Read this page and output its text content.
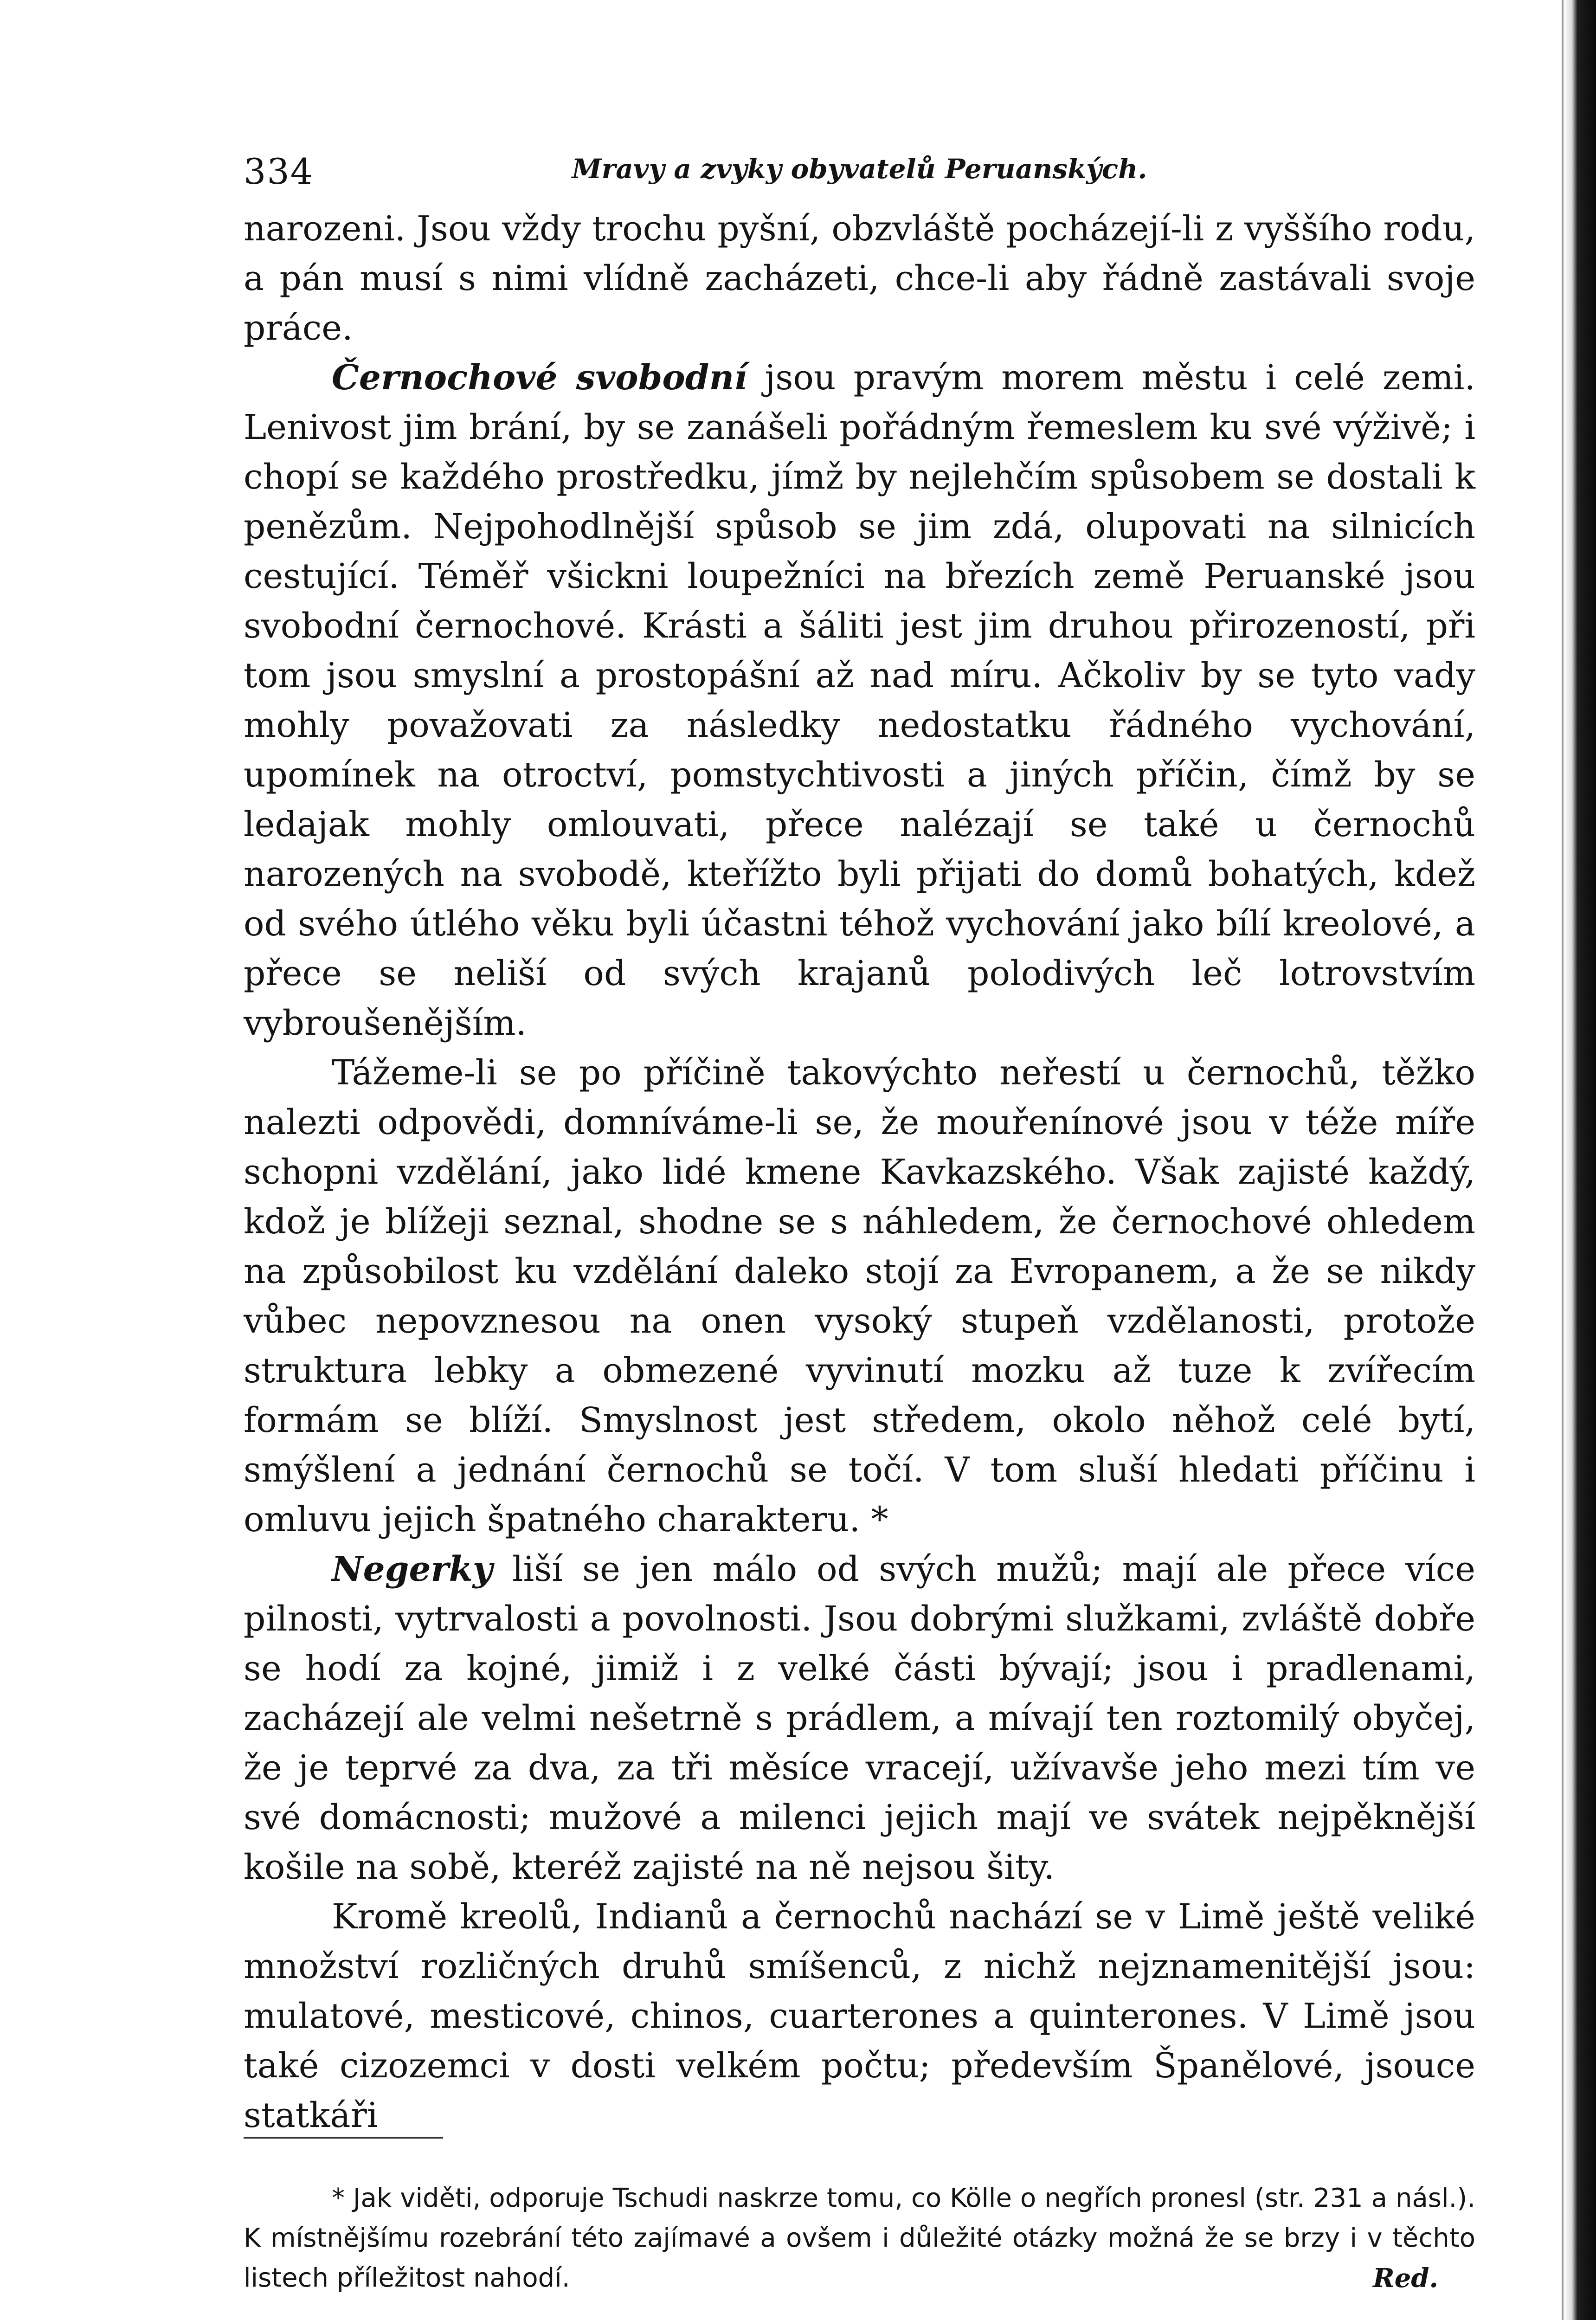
334	Mravy a zvyky obyvatelů Peruanských.

narozeni. Jsou vždy trochu pyšní, obzvláště pocházejí-li z vyššího rodu, a pán musí s nimi vlídně zacházeti, chce-li aby řádně zastávali svoje práce.

Černochové svobodní jsou pravým morem městu i celé zemi. Lenivost jim brání, by se zanášeli pořádným řemeslem ku své výživě; i chopí se každého prostředku, jímž by nejlehčím spůsobem se dostali k penězům. Nejpohodlnější spůsob se jim zdá, olupovati na silnicích cestující. Téměř všickni loupežníci na březích země Peruanské jsou svobodní černochové. Krásti a šáliti jest jim druhou přirozeností, při tom jsou smyslní a prostopášní až nad míru. Ačkoliv by se tyto vady mohly považovati za následky nedostatku řádného vychování, upomínek na otroctví, pomstychtivosti a jiných příčin, čímž by se ledajak mohly omlouvati, přece nalézají se také u černochů narozených na svobodě, kteřížto byli přijati do domů bohatých, kdež od svého útlého věku byli účastni téhož vychování jako bílí kreolové, a přece se neliší od svých krajanů polodivých leč lotrovstvím vybroušenějším.

Tážeme-li se po příčině takovýchto neřestí u černochů, těžko nalezti odpovědi, domníváme-li se, že mouřenínové jsou v téže míře schopni vzdělání, jako lidé kmene Kavkazského. Však zajisté každý, kdož je blížeji seznal, shodne se s náhledem, že černochové ohledem na způsobilost ku vzdělání daleko stojí za Evropanem, a že se nikdy vůbec nepovznesou na onen vysoký stupeň vzdělanosti, protože struktura lebky a obmezené vyvinutí mozku až tuze k zvířecím formám se blíží. Smyslnost jest středem, okolo něhož celé bytí, smýšlení a jednání černochů se točí. V tom sluší hledati příčinu i omluvu jejich špatného charakteru. *

Negerky liší se jen málo od svých mužů; mají ale přece více pilnosti, vytrvalosti a povolnosti. Jsou dobrými služkami, zvláště dobře se hodí za kojné, jimiž i z velké části bývají; jsou i pradlenami, zacházejí ale velmi nešetrně s prádlem, a mívají ten roztomilý obyčej, že je teprvé za dva, za tři měsíce vracejí, užívavše jeho mezi tím ve své domácnosti; mužové a milenci jejich mají ve svátek nejpěknější košile na sobě, kteréž zajisté na ně nejsou šity.

Kromě kreolů, Indianů a černochů nachází se v Limě ještě veliké množství rozličných druhů smíšenců, z nichž nejznamenitější jsou: mulatové, mesticové, chinos, cuarterones a quinterones. V Limě jsou také cizozemci v dosti velkém počtu; především Španělové, jsouce statkáři

* Jak viděti, odporuje Tschudi naskrze tomu, co Kölle o negřích pronesl (str. 231 a násl.). K místnějšímu rozebrání této zajímavé a ovšem i důležité otázky možná že se brzy i v těchto listech příležitost nahodí.	Red.
